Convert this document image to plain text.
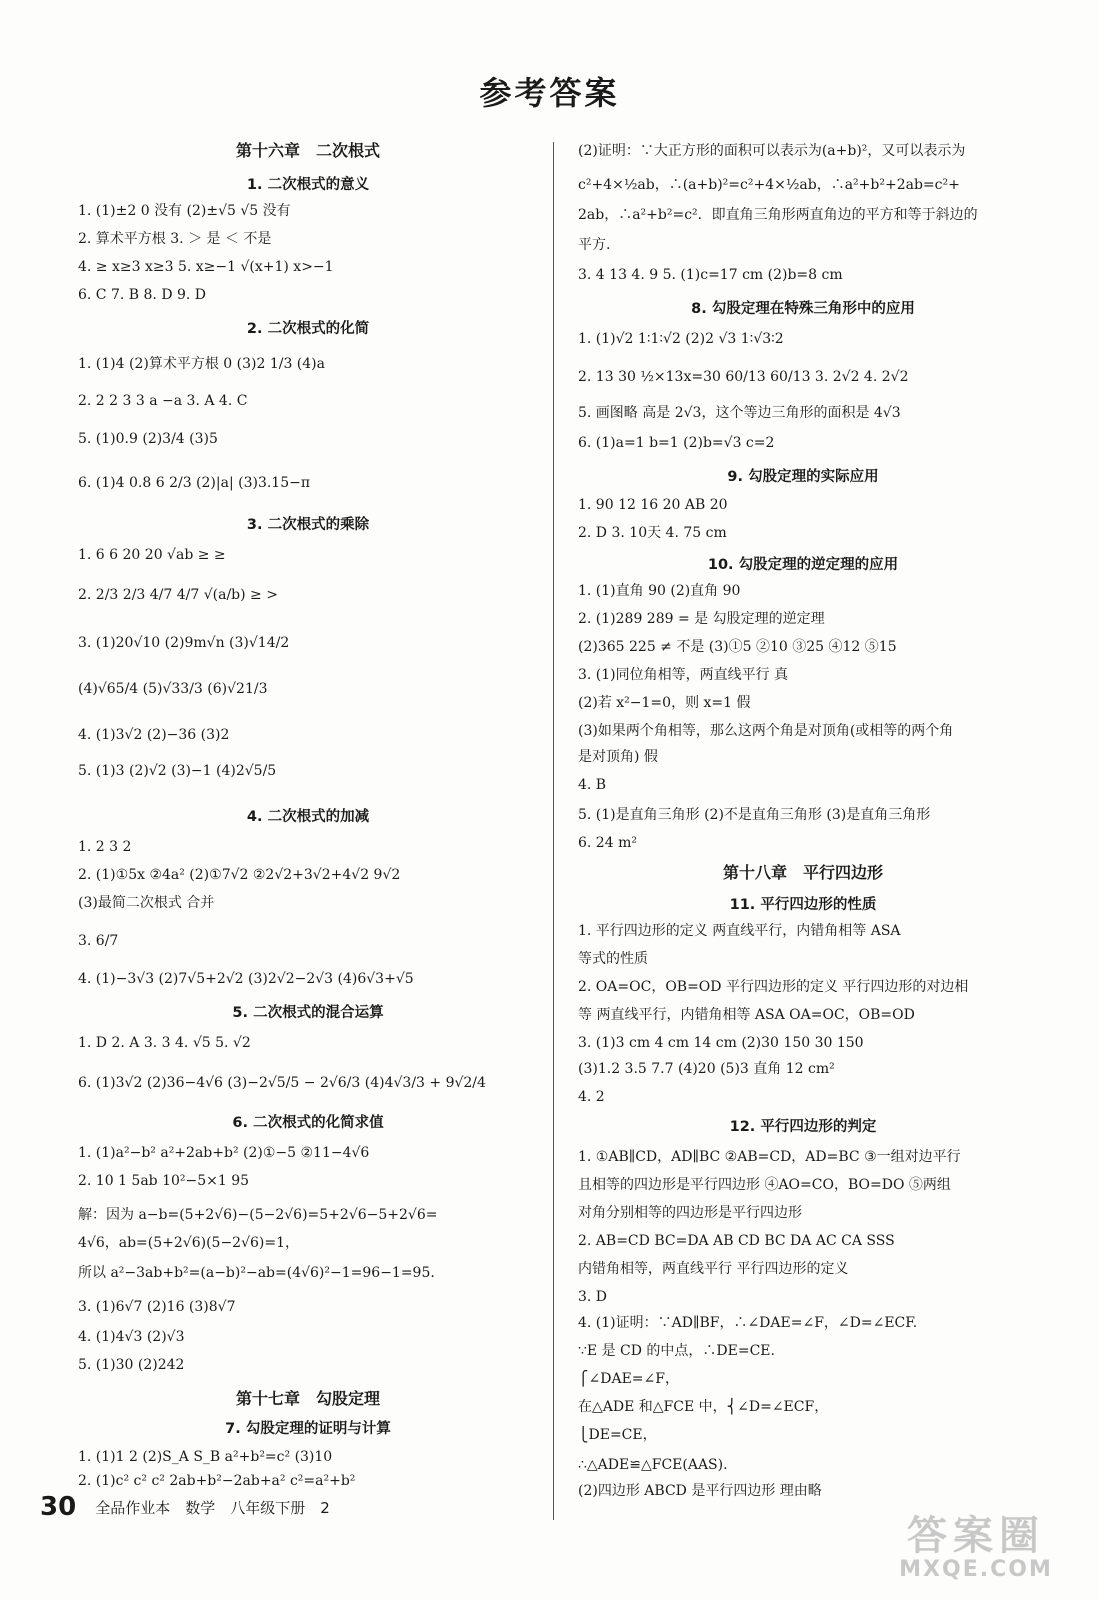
参考答案
第十六章　二次根式
1. 二次根式的意义
1. (1)±2 0 没有 (2)±√5 √5 没有
2. 算术平方根 3. ＞ 是 ＜ 不是
4. ≥ x≥3 x≥3 5. x≥−1 √(x+1) x>−1
6. C 7. B 8. D 9. D
2. 二次根式的化简
1. (1)4 (2)算术平方根 0 (3)2 1/3 (4)a
2. 2 2 3 3 a −a 3. A 4. C
5. (1)0.9 (2)3/4 (3)5
6. (1)4 0.8 6 2/3 (2)|a| (3)3.15−π
3. 二次根式的乘除
1. 6 6 20 20 √ab ≥ ≥
2. 2/3 2/3 4/7 4/7 √(a/b) ≥ >
3. (1)20√10 (2)9m√n (3)√14/2
(4)√65/4 (5)√33/3 (6)√21/3
4. (1)3√2 (2)−36 (3)2
5. (1)3 (2)√2 (3)−1 (4)2√5/5
4. 二次根式的加减
1. 2 3 2
2. (1)①5x ②4a² (2)①7√2 ②2√2+3√2+4√2 9√2
(3)最简二次根式 合并
3. 6/7
4. (1)−3√3 (2)7√5+2√2 (3)2√2−2√3 (4)6√3+√5
5. 二次根式的混合运算
1. D 2. A 3. 3 4. √5 5. √2
6. (1)3√2 (2)36−4√6 (3)−2√5/5 − 2√6/3 (4)4√3/3 + 9√2/4
6. 二次根式的化简求值
1. (1)a²−b² a²+2ab+b² (2)①−5 ②11−4√6
2. 10 1 5ab 10²−5×1 95
解：因为 a−b=(5+2√6)−(5−2√6)=5+2√6−5+2√6=
4√6，ab=(5+2√6)(5−2√6)=1，
所以 a²−3ab+b²=(a−b)²−ab=(4√6)²−1=96−1=95.
3. (1)6√7 (2)16 (3)8√7
4. (1)4√3 (2)√3
5. (1)30 (2)242
第十七章　勾股定理
7. 勾股定理的证明与计算
1. (1)1 2 (2)S_A S_B a²+b²=c² (3)10
2. (1)c² c² c² 2ab+b²−2ab+a² c²=a²+b²
(2)证明：∵大正方形的面积可以表示为(a+b)²，又可以表示为
c²+4×½ab，∴(a+b)²=c²+4×½ab，∴a²+b²+2ab=c²+
2ab，∴a²+b²=c²．即直角三角形两直角边的平方和等于斜边的
平方.
3. 4 13 4. 9 5. (1)c=17 cm (2)b=8 cm
8. 勾股定理在特殊三角形中的应用
1. (1)√2 1∶1∶√2 (2)2 √3 1∶√3∶2
2. 13 30 ½×13x=30 60/13 60/13 3. 2√2 4. 2√2
5. 画图略 高是 2√3，这个等边三角形的面积是 4√3
6. (1)a=1 b=1 (2)b=√3 c=2
9. 勾股定理的实际应用
1. 90 12 16 20 AB 20
2. D 3. 10天 4. 75 cm
10. 勾股定理的逆定理的应用
1. (1)直角 90 (2)直角 90
2. (1)289 289 = 是 勾股定理的逆定理
(2)365 225 ≠ 不是 (3)①5 ②10 ③25 ④12 ⑤15
3. (1)同位角相等，两直线平行 真
(2)若 x²−1=0，则 x=1 假
(3)如果两个角相等，那么这两个角是对顶角(或相等的两个角
是对顶角) 假
4. B
5. (1)是直角三角形 (2)不是直角三角形 (3)是直角三角形
6. 24 m²
第十八章　平行四边形
11. 平行四边形的性质
1. 平行四边形的定义 两直线平行，内错角相等 ASA
等式的性质
2. OA=OC，OB=OD 平行四边形的定义 平行四边形的对边相
等 两直线平行，内错角相等 ASA OA=OC，OB=OD
3. (1)3 cm 4 cm 14 cm (2)30 150 30 150
(3)1.2 3.5 7.7 (4)20 (5)3 直角 12 cm²
4. 2
12. 平行四边形的判定
1. ①AB∥CD，AD∥BC ②AB=CD，AD=BC ③一组对边平行
且相等的四边形是平行四边形 ④AO=CO，BO=DO ⑤两组
对角分别相等的四边形是平行四边形
2. AB=CD BC=DA AB CD BC DA AC CA SSS
内错角相等，两直线平行 平行四边形的定义
3. D
4. (1)证明：∵AD∥BF，∴∠DAE=∠F，∠D=∠ECF.
∵E 是 CD 的中点，∴DE=CE.
⎧∠DAE=∠F，
在△ADE 和△FCE 中，⎨∠D=∠ECF，
⎩DE=CE，
∴△ADE≌△FCE(AAS).
(2)四边形 ABCD 是平行四边形 理由略
30 全品作业本　数学　八年级下册　2
答案圈
MXQE.COM
